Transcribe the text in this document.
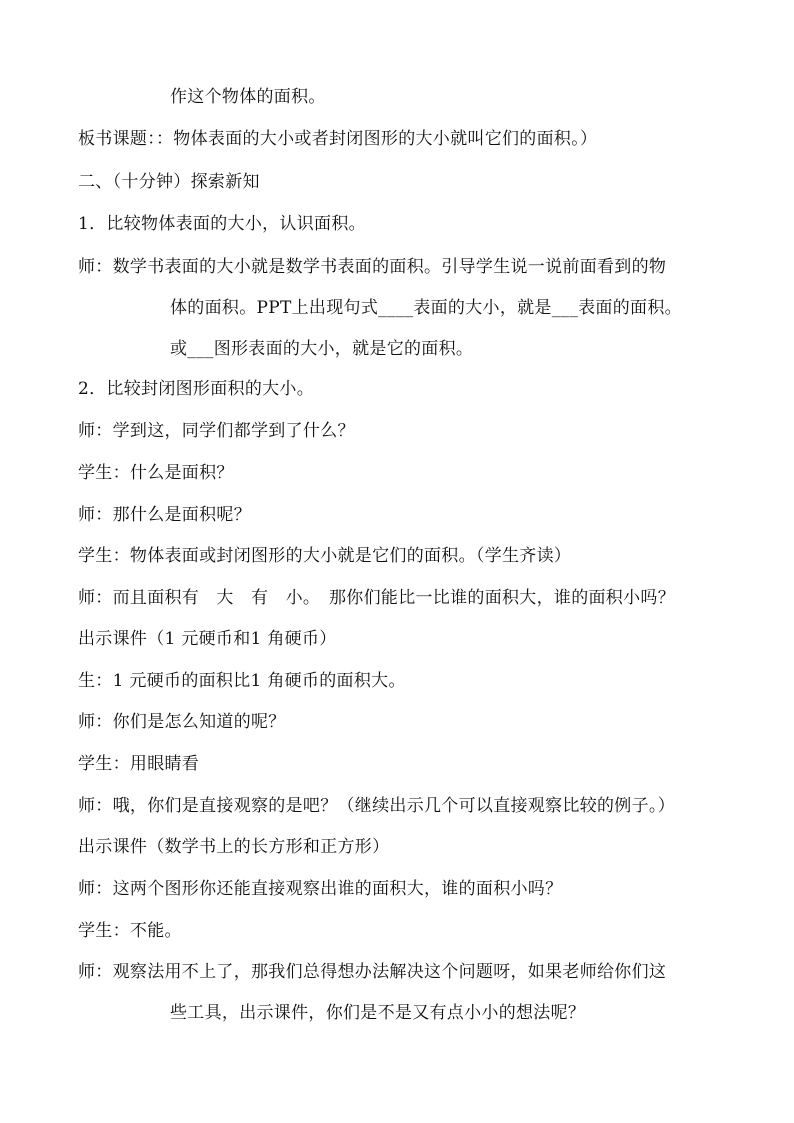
作这个物体的面积。
板书课题：：物体表面的大小或者封闭图形的大小就叫它们的面积。）
二、（十分钟）探索新知
1．比较物体表面的大小，认识面积。
师：数学书表面的大小就是数学书表面的面积。引导学生说一说前面看到的物
体的面积。PPT上出现句式____表面的大小，就是___表面的面积。
或___图形表面的大小，就是它的面积。
2．比较封闭图形面积的大小。
师：学到这，同学们都学到了什么？
学生：什么是面积？
师：那什么是面积呢？
学生：物体表面或封闭图形的大小就是它们的面积。（学生齐读）
师：而且面积有　大　有　小。　那你们能比一比谁的面积大，谁的面积小吗？
出示课件（1 元硬币和1 角硬币）
生：1 元硬币的面积比1 角硬币的面积大。
师：你们是怎么知道的呢？
学生：用眼睛看
师：哦，你们是直接观察的是吧？（继续出示几个可以直接观察比较的例子。）
出示课件（数学书上的长方形和正方形）
师：这两个图形你还能直接观察出谁的面积大，谁的面积小吗？
学生：不能。
师：观察法用不上了，那我们总得想办法解决这个问题呀，如果老师给你们这
些工具，出示课件，你们是不是又有点小小的想法呢？
